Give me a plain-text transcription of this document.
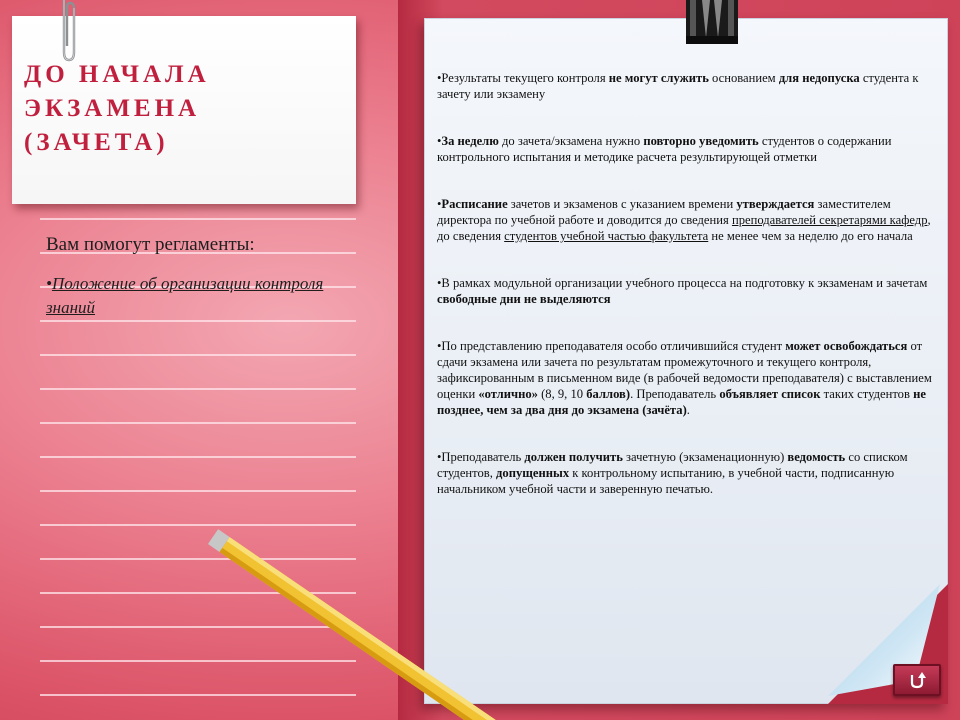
ДО НАЧАЛА
ЭКЗАМЕНА
(ЗАЧЕТА)
Вам помогут регламенты:
•Положение об организации контроля знаний

•Результаты текущего контроля не могут служить основанием для недопуска студента к зачету или экзамену

•За неделю до зачета/экзамена нужно повторно уведомить студентов о содержании контрольного испытания и методике расчета результирующей отметки

•Расписание зачетов и экзаменов с указанием времени утверждается заместителем директора по учебной работе и доводится до сведения преподавателей секретарями кафедр, до сведения студентов учебной частью факультета не менее чем за неделю до его начала

•В рамках модульной организации учебного процесса на подготовку к экзаменам и зачетам свободные дни не выделяются

•По представлению преподавателя особо отличившийся студент может освобождаться от сдачи экзамена или зачета по результатам промежуточного и текущего контроля, зафиксированным в письменном виде (в рабочей ведомости преподавателя) с выставлением оценки «отлично» (8, 9, 10 баллов). Преподаватель объявляет список таких студентов не позднее, чем за два дня до экзамена (зачёта).

•Преподаватель должен получить зачетную (экзаменационную) ведомость со списком студентов, допущенных к контрольному испытанию, в учебной части, подписанную начальником учебной части и заверенную печатью.
